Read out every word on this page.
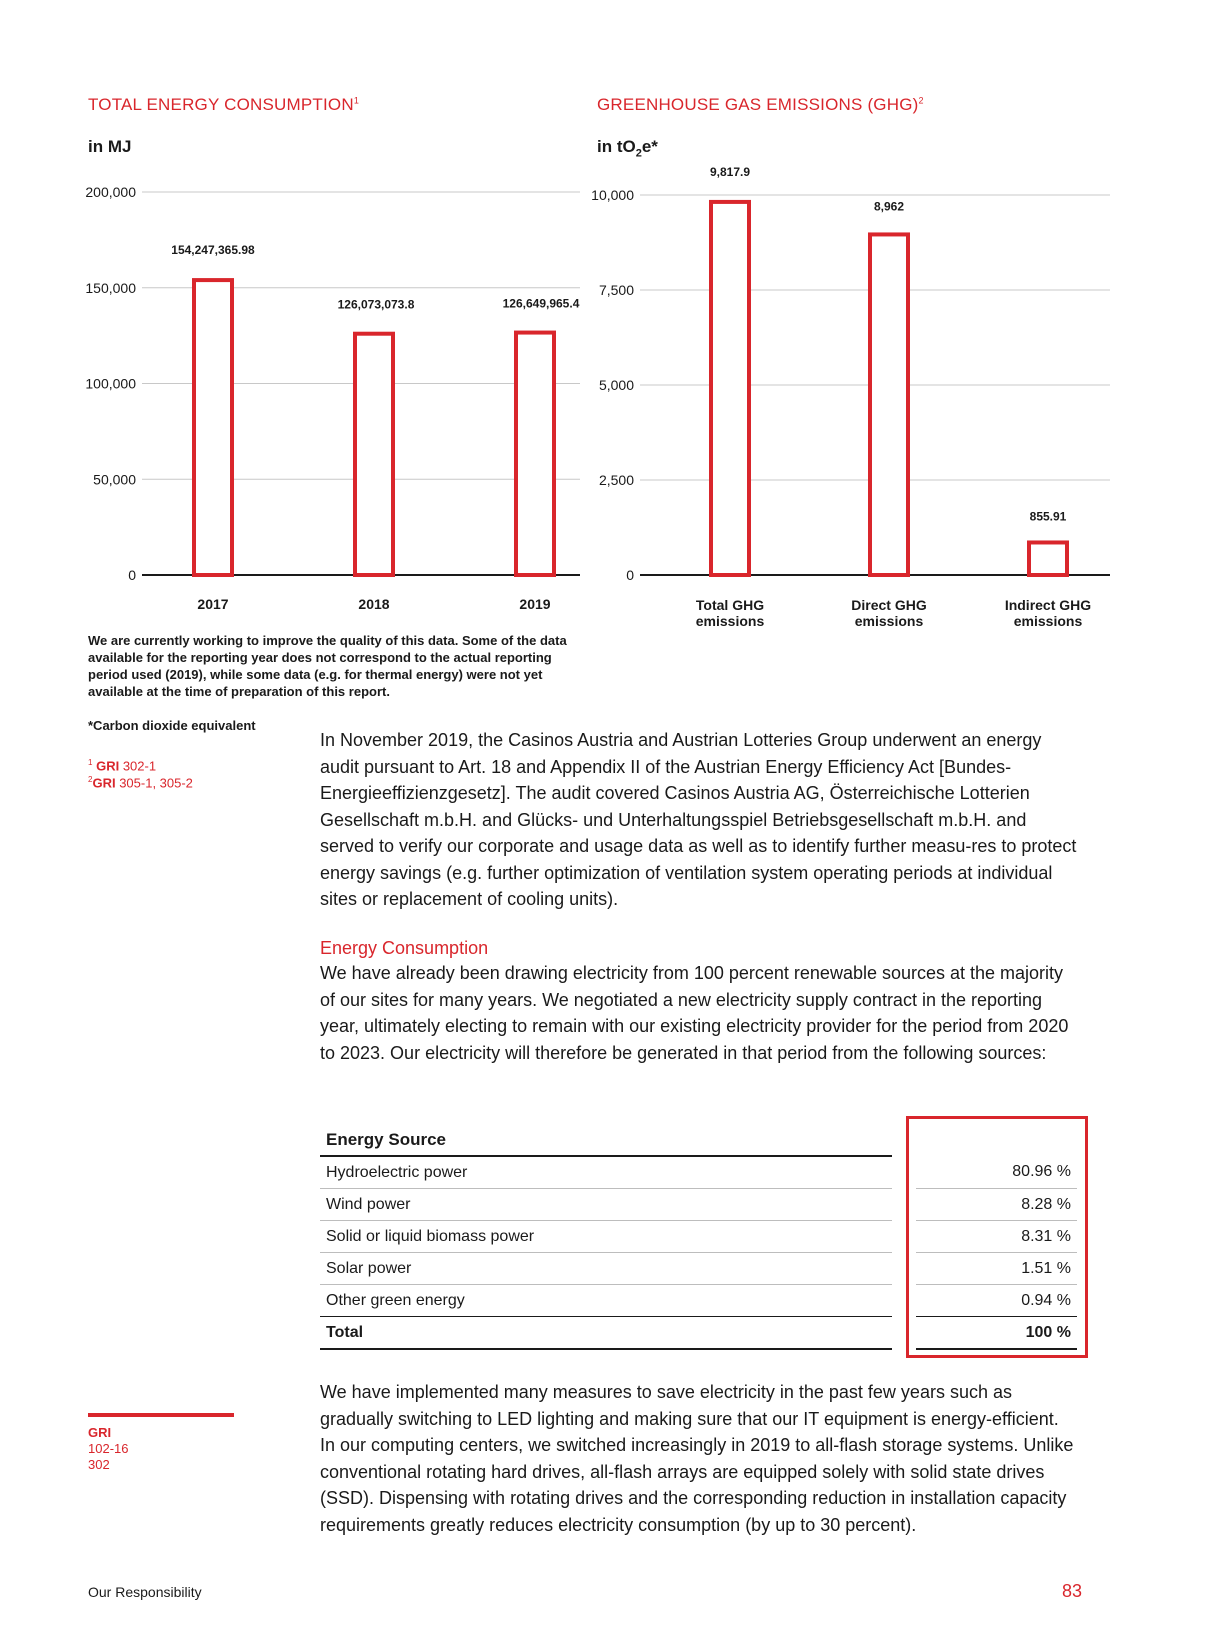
TOTAL ENERGY CONSUMPTION$^1$
in MJ
0
50,000
100,000
150,000
200,000
154,247,365.98
2017
126,073,073.8
2018
126,649,965.4
2019
GREENHOUSE GAS EMISSIONS (GHG)$^2$
in $tO_2e*$
0
2,500
5,000
7,500
10,000
9,817.9
Total GHG
emissions
8,962
Direct GHG
emissions
855.91
Indirect GHG
emissions
We are currently working to improve the quality of this data. Some of the data available for the reporting year does not correspond to the actual reporting period used (2019), while some data (e.g. for thermal energy) were not yet available at the time of preparation of this report.
*Carbon dioxide equivalent
$^1$ GRI 302-1
$^2$GRI 305-1, 305-2
In November 2019, the Casinos Austria and Austrian Lotteries Group underwent an energy audit pursuant to Art. 18 and Appendix II of the Austrian Energy Efficiency Act [Bundes-Energieeffizienzgesetz]. The audit covered Casinos Austria AG, Österreichische Lotterien Gesellschaft m.b.H. and Glücks- und Unterhaltungsspiel Betriebsgesellschaft m.b.H. and served to verify our corporate and usage data as well as to identify further measu-res to protect energy savings (e.g. further optimization of ventilation system operating periods at individual sites or replacement of cooling units).
Energy Consumption
We have already been drawing electricity from 100 percent renewable sources at the majority of our sites for many years. We negotiated a new electricity supply contract in the reporting year, ultimately electing to remain with our existing electricity provider for the period from 2020 to 2023. Our electricity will therefore be generated in that period from the following sources:
Energy Source		
Hydroelectric power		80.96 %
Wind power		8.28 %
Solid or liquid biomass power		8.31 %
Solar power		1.51 %
Other green energy		0.94 %
Total		100 %
GRI
102-16
302
We have implemented many measures to save electricity in the past few years such as gradually switching to LED lighting and making sure that our IT equipment is energy-efficient. In our computing centers, we switched increasingly in 2019 to all-flash storage systems. Unlike conventional rotating hard drives, all-flash arrays are equipped solely with solid state drives (SSD). Dispensing with rotating drives and the corresponding reduction in installation capacity requirements greatly reduces electricity consumption (by up to 30 percent).
Our Responsibility	83
